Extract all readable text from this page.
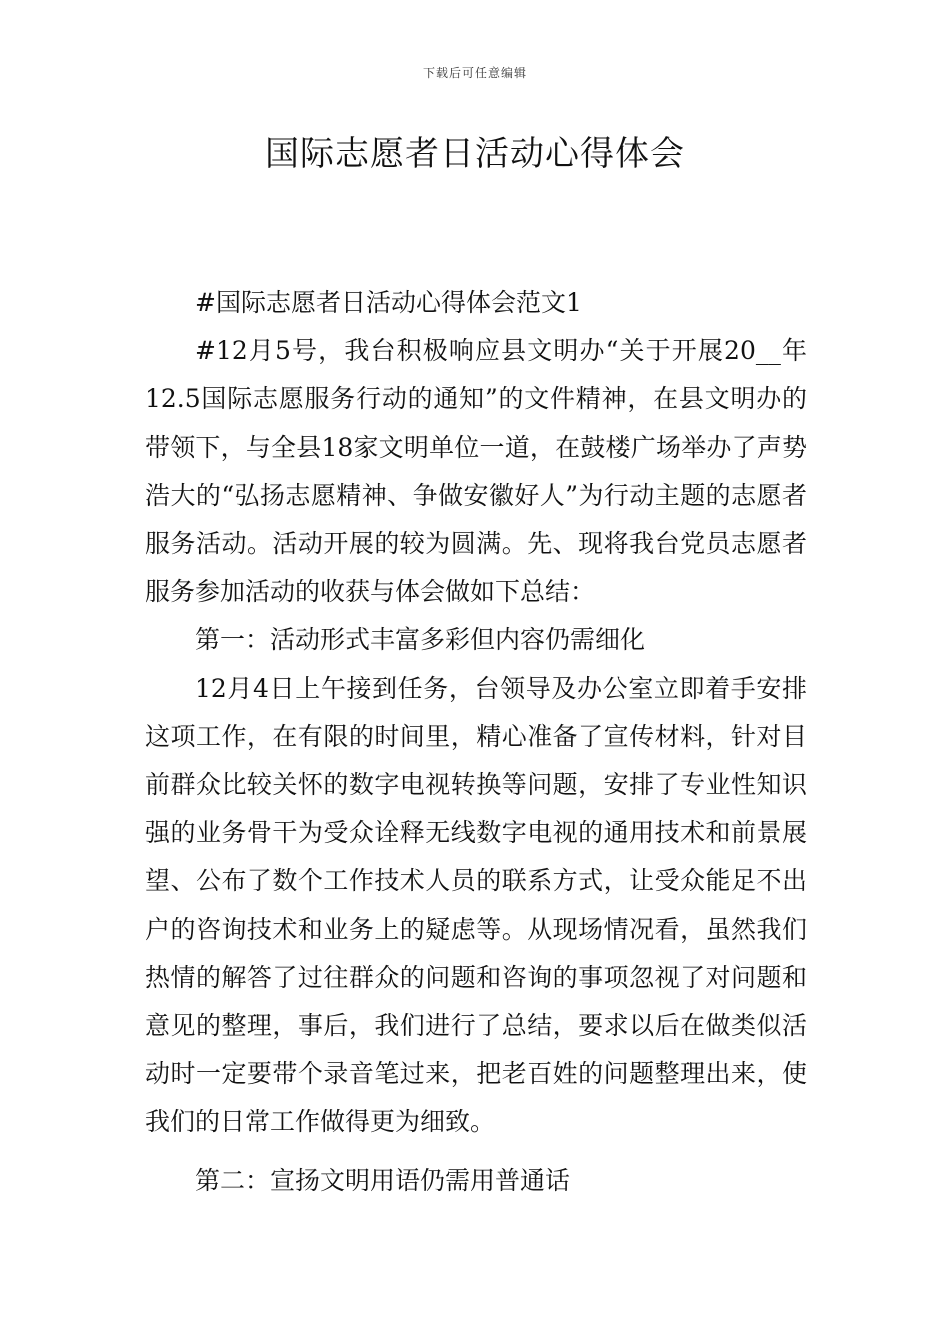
下载后可任意编辑
国际志愿者日活动心得体会

#国际志愿者日活动心得体会范文1

#12月5号，我台积极响应县文明办“关于开展20__年12.5国际志愿服务行动的通知”的文件精神，在县文明办的带领下，与全县18家文明单位一道，在鼓楼广场举办了声势浩大的“弘扬志愿精神、争做安徽好人”为行动主题的志愿者服务活动。活动开展的较为圆满。先、现将我台党员志愿者服务参加活动的收获与体会做如下总结：

第一：活动形式丰富多彩但内容仍需细化

12月4日上午接到任务，台领导及办公室立即着手安排这项工作，在有限的时间里，精心准备了宣传材料，针对目前群众比较关怀的数字电视转换等问题，安排了专业性知识强的业务骨干为受众诠释无线数字电视的通用技术和前景展望、公布了数个工作技术人员的联系方式，让受众能足不出户的咨询技术和业务上的疑虑等。从现场情况看，虽然我们热情的解答了过往群众的问题和咨询的事项忽视了对问题和意见的整理，事后，我们进行了总结，要求以后在做类似活动时一定要带个录音笔过来，把老百姓的问题整理出来，使我们的日常工作做得更为细致。

第二：宣扬文明用语仍需用普通话
